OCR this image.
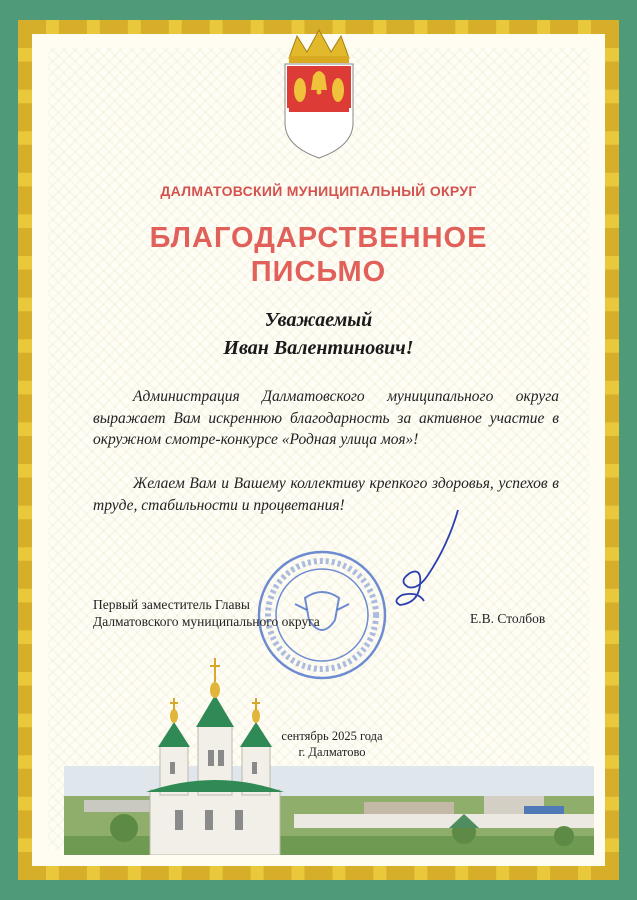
ДАЛМАТОВСКИЙ МУНИЦИПАЛЬНЫЙ ОКРУГ
БЛАГОДАРСТВЕННОЕ
ПИСЬМО
Уважаемый
Иван Валентинович!
Администрация Далматовского муниципального округа выражает Вам искреннюю благодарность за активное участие в окружном смотре-конкурсе «Родная улица моя»!
Желаем Вам и Вашему коллективу крепкого здоровья, успехов в труде, стабильности и процветания!
Первый заместитель Главы
Далматовского муниципального округа	Е.В. Столбов
сентябрь 2025 года
г. Далматово
